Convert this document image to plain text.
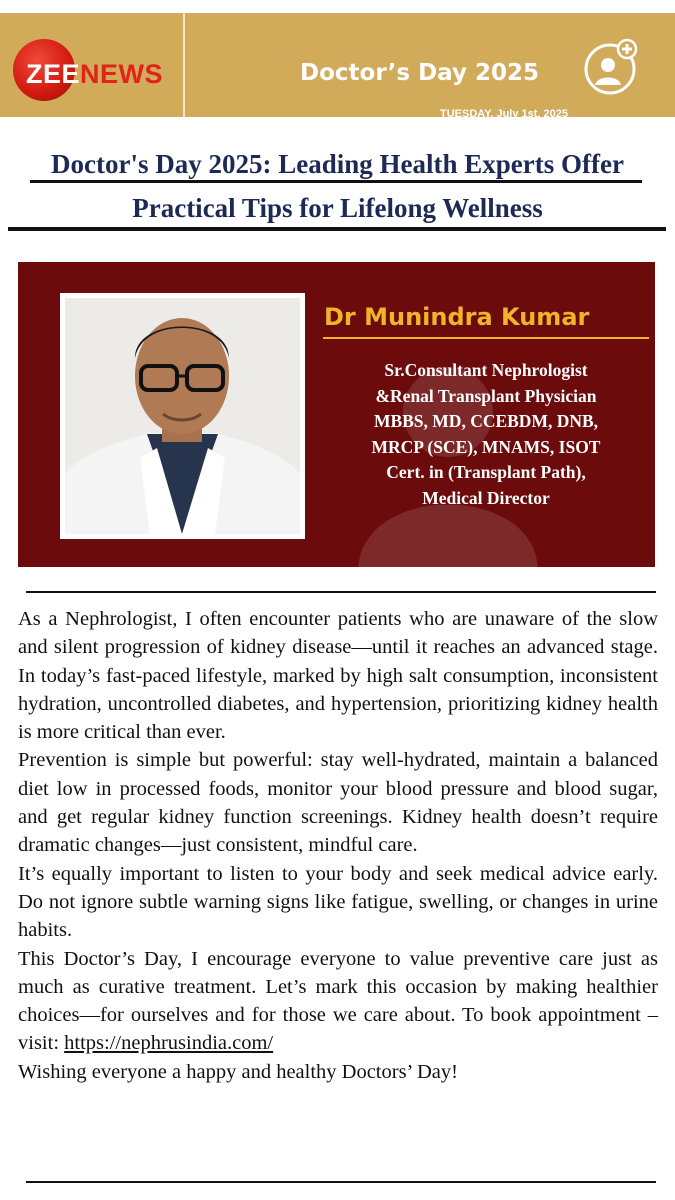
ZEENEWS	Doctor’s Day 2025
TUESDAY, July 1st, 2025
Doctor's Day 2025: Leading Health Experts Offer
Practical Tips for Lifelong Wellness
Dr Munindra Kumar
Sr.Consultant Nephrologist
&Renal Transplant Physician
MBBS, MD, CCEBDM, DNB,
MRCP (SCE), MNAMS, ISOT
Cert. in (Transplant Path),
Medical Director

As a Nephrologist, I often encounter patients who are unaware of the slow and silent progression of kidney disease—until it reaches an advanced stage. In today’s fast-paced lifestyle, marked by high salt consumption, inconsistent hydration, uncontrolled diabetes, and hypertension, prioritizing kidney health is more critical than ever.

Prevention is simple but powerful: stay well-hydrated, maintain a balanced diet low in processed foods, monitor your blood pressure and blood sugar, and get regular kidney function screenings. Kidney health doesn’t require dramatic changes—just consistent, mindful care.

It’s equally important to listen to your body and seek medical advice early. Do not ignore subtle warning signs like fatigue, swelling, or changes in urine habits.

This Doctor’s Day, I encourage everyone to value preventive care just as much as curative treatment. Let’s mark this occasion by making healthier choices—for ourselves and for those we care about. To book appointment – visit: https://nephrusindia.com/

Wishing everyone a happy and healthy Doctors’ Day!
